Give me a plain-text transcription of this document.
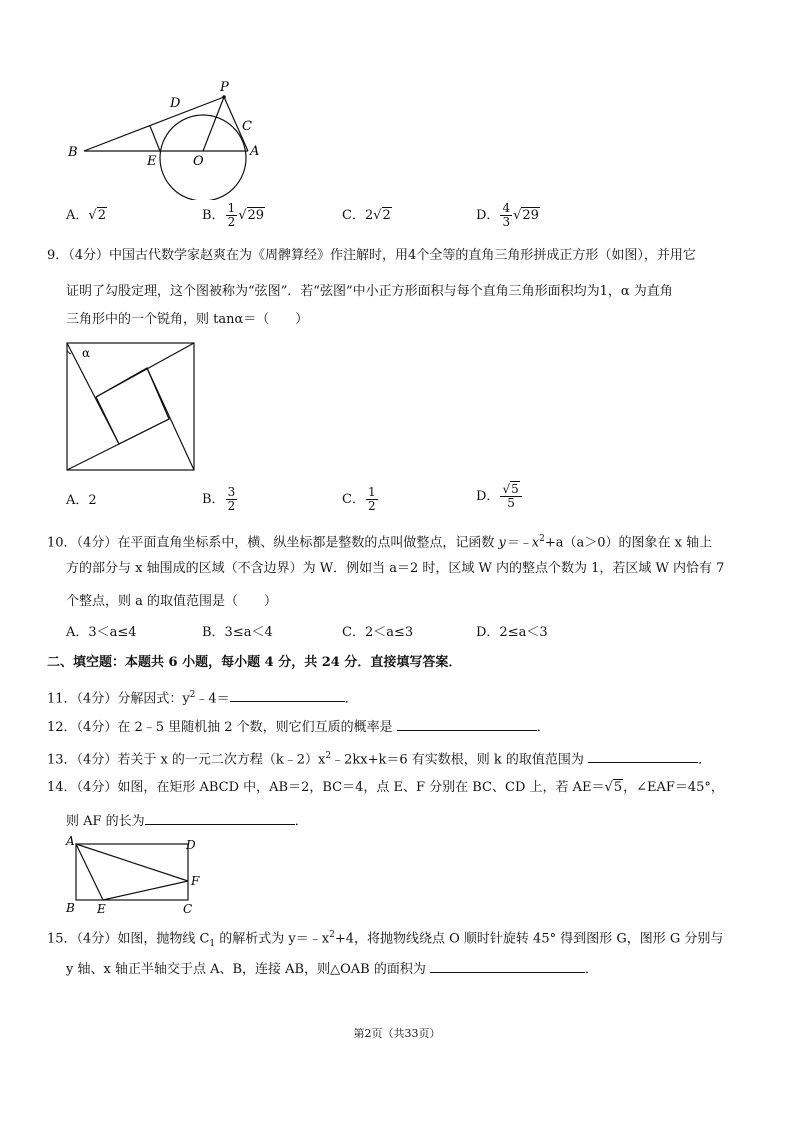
P
D
C
B
E	O
A
A．√2	B． $\frac{1}{2} √29$	C．2√2	D． $\frac{4}{3} √29$
9．（4分）中国古代数学家赵爽在为《周髀算经》作注解时，用4个全等的直角三角形拼成正方形（如图），并用它
证明了勾股定理，这个图被称为“弦图”．若“弦图”中小正方形面积与每个直角三角形面积均为1，α 为直角
三角形中的一个锐角，则 tanα＝（　　）
α
A．2	B． $\frac{3}{2}$	C． $\frac{1}{2}$	D． $\frac{√5}{5}$
10．（4分）在平面直角坐标系中，横、纵坐标都是整数的点叫做整点，记函数 $y=﹣x^2+a(a>0)$的图象在 x 轴上
方的部分与 x 轴围成的区域（不含边界）为 W．例如当 a＝2 时，区域 W 内的整点个数为 1，若区域 W 内恰有 7
个整点，则 a 的取值范围是（　　）
A．3＜a≤4	B．3≤a＜4	C．2＜a≤3	D．2≤a＜3
二、填空题：本题共 6 小题，每小题 4 分，共 24 分．直接填写答案．
11．（4分）分解因式：$y^2﹣4=$	．
12．（4分）在 2﹣5 里随机抽 2 个数，则它们互质的概率是	．
13．（4分）若关于 x 的一元二次方程$(k﹣2)x^2﹣2kx+k=6$ 有实数根，则 k 的取值范围为	．
14．（4分）如图，在矩形 ABCD 中，AB＝2，BC＝4，点 E、F 分别在 BC、CD 上，若 AE＝√5，∠EAF＝45°，
则 AF 的长为	．
A	D
F
B E	C
15．（4分）如图，抛物线 $C_1$ 的解析式为 $y=﹣x^2+4$，将抛物线绕点 O 顺时针旋转 45° 得到图形 G，图形 G 分别与
y 轴、x 轴正半轴交于点 A、B，连接 AB，则△OAB 的面积为	．
第2页（共33页）
